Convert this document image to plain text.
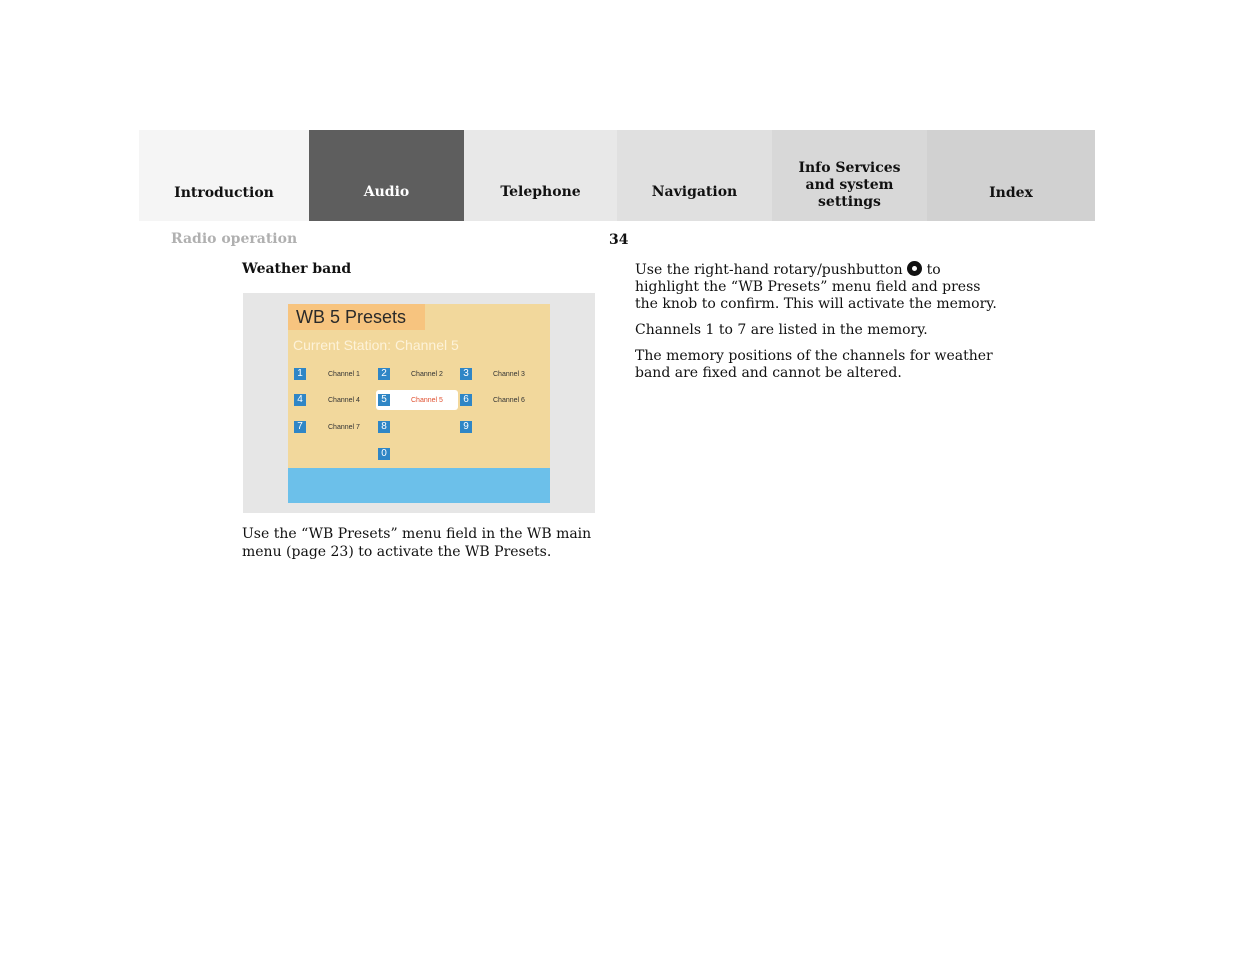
Introduction	Audio	Telephone	Navigation
Info Services and system settings
Index
Radio operation	34
Weather band
WB 5 Presets
Current Station: Channel 5
1	Channel 1	2	Channel 2	3	Channel 3
4	Channel 4	5	Channel 5	6	Channel 6
7	Channel 7	8	9
0
Use the “WB Presets” menu field in the WB main menu (page 23) to activate the WB Presets.

Use the right-hand rotary/pushbutton to highlight the “WB Presets” menu field and press the knob to confirm. This will activate the memory.

Channels 1 to 7 are listed in the memory.

The memory positions of the channels for weather band are fixed and cannot be altered.
